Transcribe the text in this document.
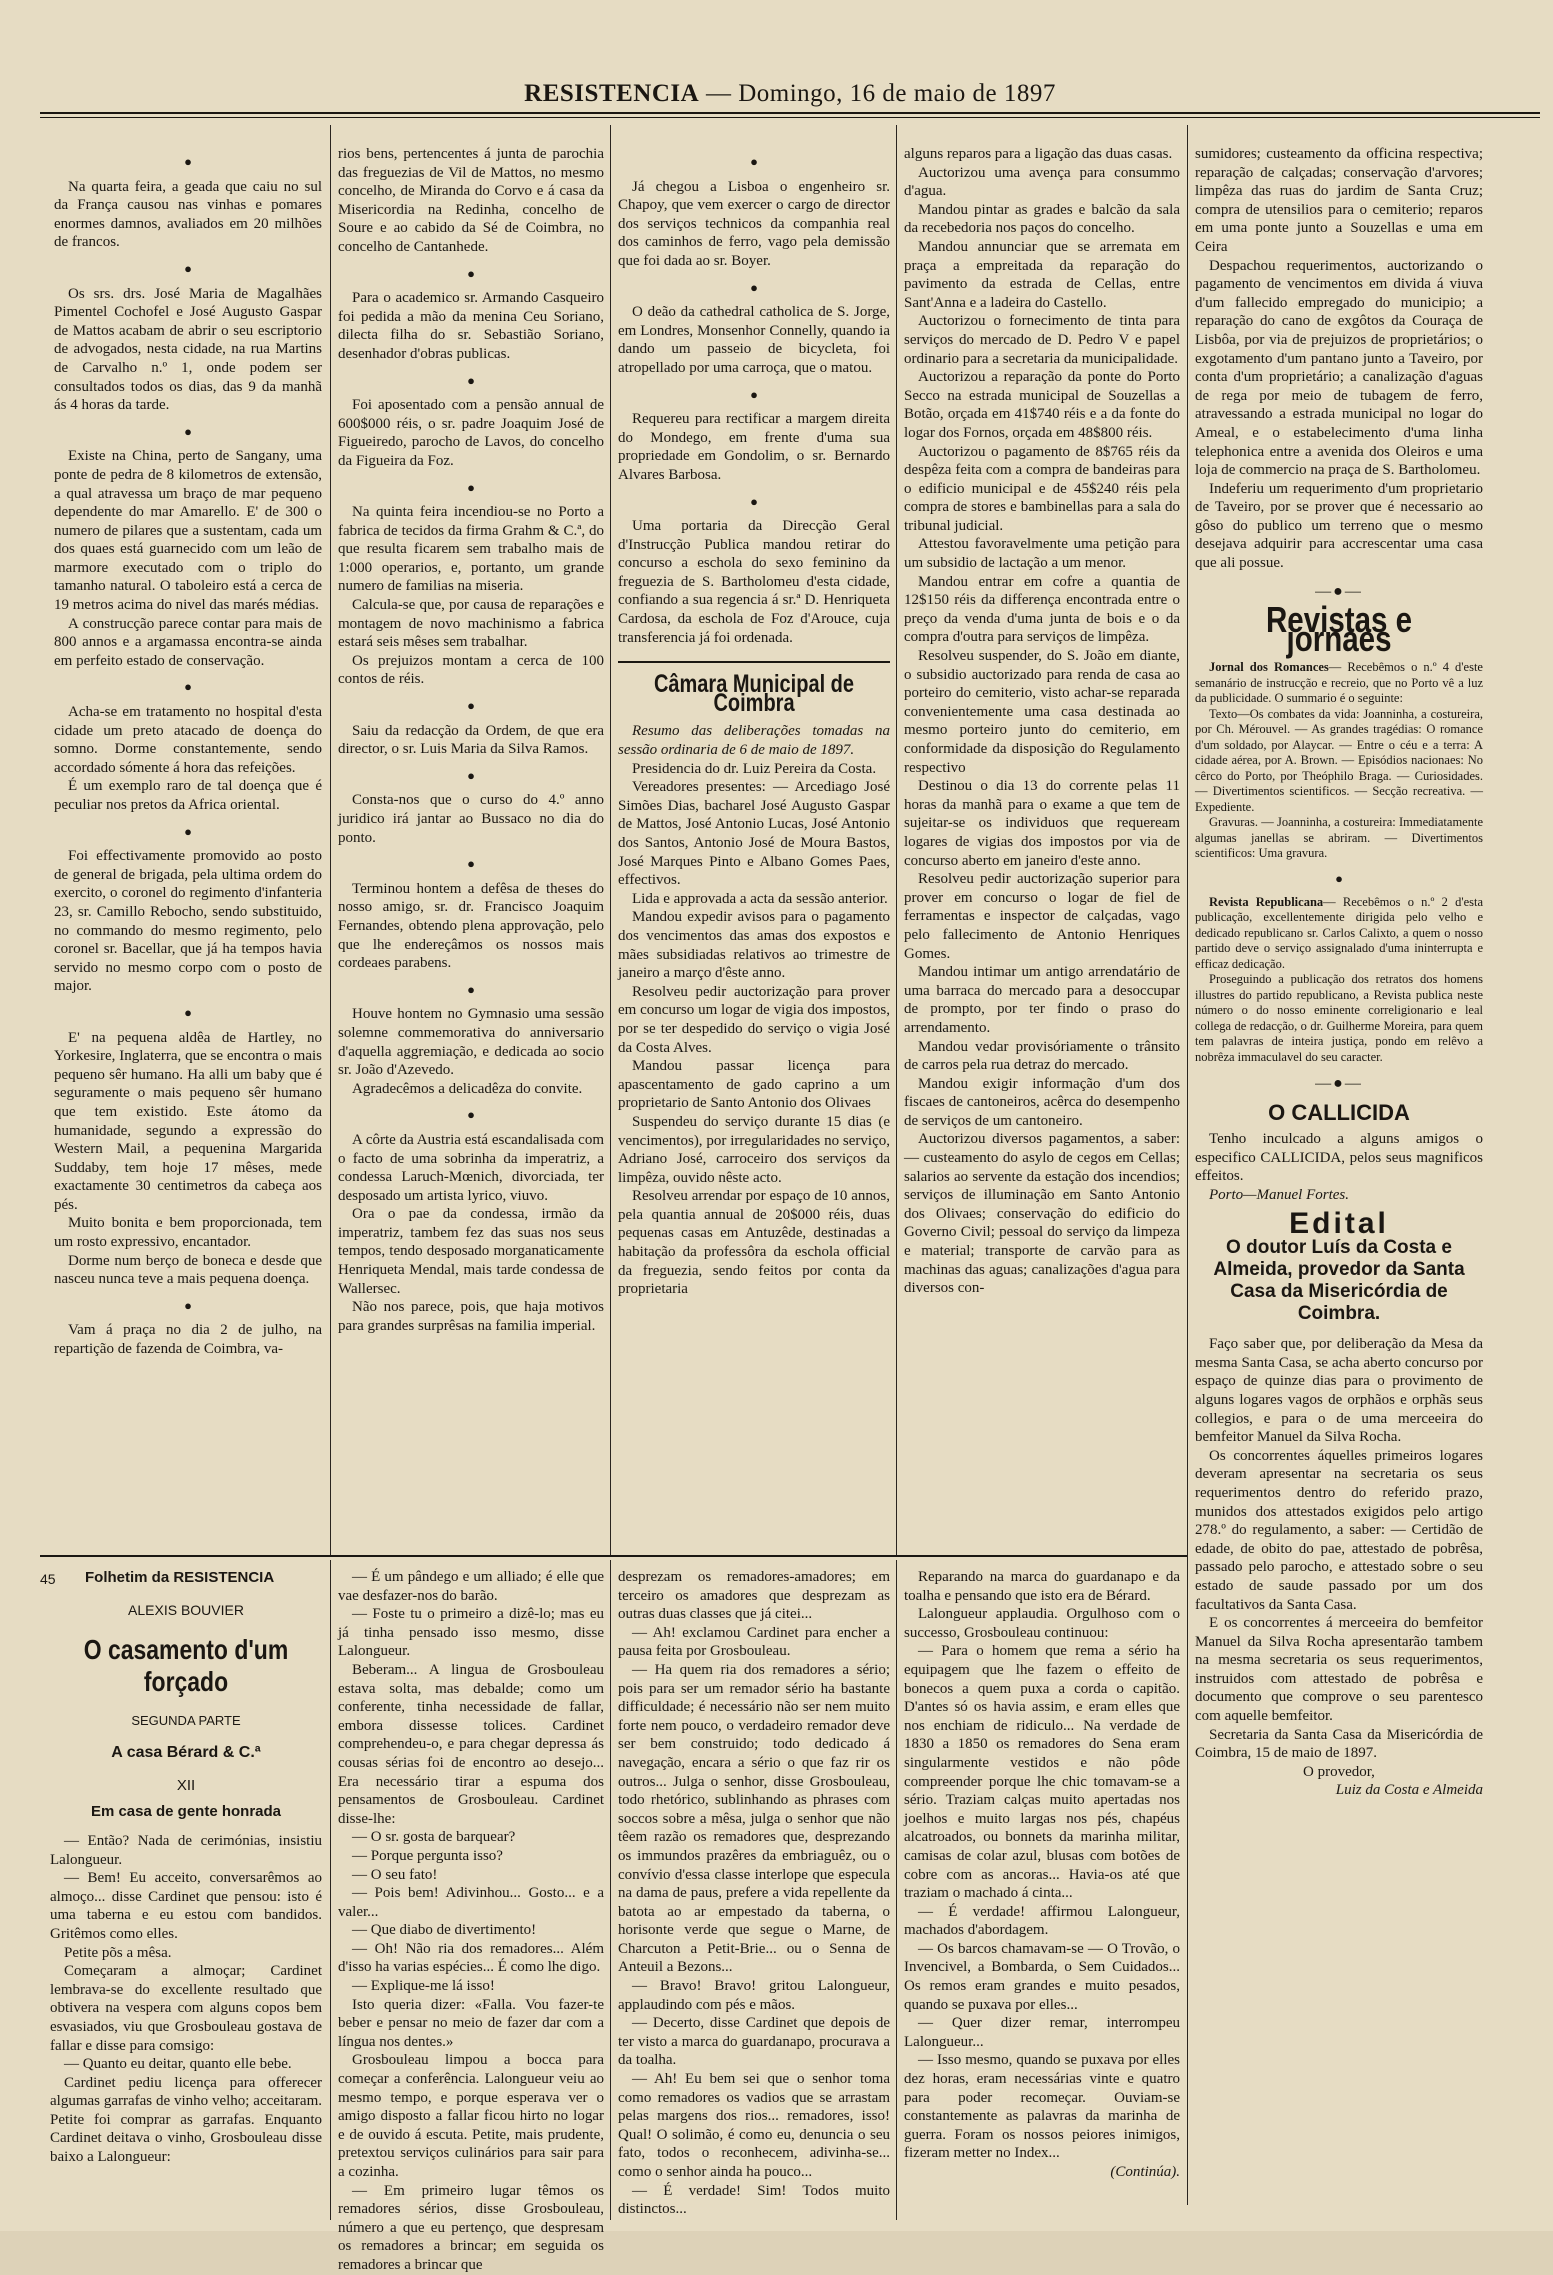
RESISTENCIA — Domingo, 16 de maio de 1897
●

Na quarta feira, a geada que caiu no sul da França causou nas vinhas e pomares enormes damnos, avaliados em 20 milhões de francos.

●

Os srs. drs. José Maria de Magalhães Pimentel Cochofel e José Augusto Gaspar de Mattos acabam de abrir o seu escriptorio de advogados, nesta cidade, na rua Martins de Carvalho n.º 1, onde podem ser consultados todos os dias, das 9 da manhã ás 4 horas da tarde.

●

Existe na China, perto de Sangany, uma ponte de pedra de 8 kilometros de extensão, a qual atravessa um braço de mar pequeno dependente do mar Amarello. E' de 300 o numero de pilares que a sustentam, cada um dos quaes está guarnecido com um leão de marmore executado com o triplo do tamanho natural. O taboleiro está a cerca de 19 metros acima do nivel das marés médias.

A construcção parece contar para mais de 800 annos e a argamassa encontra-se ainda em perfeito estado de conservação.

●

Acha-se em tratamento no hospital d'esta cidade um preto atacado de doença do somno. Dorme constantemente, sendo accordado sómente á hora das refeições.

É um exemplo raro de tal doença que é peculiar nos pretos da Africa oriental.

●

Foi effectivamente promovido ao posto de general de brigada, pela ultima ordem do exercito, o coronel do regimento d'infanteria 23, sr. Camillo Rebocho, sendo substituido, no commando do mesmo regimento, pelo coronel sr. Bacellar, que já ha tempos havia servido no mesmo corpo com o posto de major.

●

E' na pequena aldêa de Hartley, no Yorkesire, Inglaterra, que se encontra o mais pequeno sêr humano. Ha alli um baby que é seguramente o mais pequeno sêr humano que tem existido. Este átomo da humanidade, segundo a expressão do Western Mail, a pequenina Margarida Suddaby, tem hoje 17 mêses, mede exactamente 30 centimetros da cabeça aos pés.

Muito bonita e bem proporcionada, tem um rosto expressivo, encantador.

Dorme num berço de boneca e desde que nasceu nunca teve a mais pequena doença.

●

Vam á praça no dia 2 de julho, na repartição de fazenda de Coimbra, va-

rios bens, pertencentes á junta de parochia das freguezias de Vil de Mattos, no mesmo concelho, de Miranda do Corvo e á casa da Misericordia na Redinha, concelho de Soure e ao cabido da Sé de Coimbra, no concelho de Cantanhede.

●

Para o academico sr. Armando Casqueiro foi pedida a mão da menina Ceu Soriano, dilecta filha do sr. Sebastião Soriano, desenhador d'obras publicas.

●

Foi aposentado com a pensão annual de 600$000 réis, o sr. padre Joaquim José de Figueiredo, parocho de Lavos, do concelho da Figueira da Foz.

●

Na quinta feira incendiou-se no Porto a fabrica de tecidos da firma Grahm & C.ª, do que resulta ficarem sem trabalho mais de 1:000 operarios, e, portanto, um grande numero de familias na miseria.

Calcula-se que, por causa de reparações e montagem de novo machinismo a fabrica estará seis mêses sem trabalhar.

Os prejuizos montam a cerca de 100 contos de réis.

●

Saiu da redacção da Ordem, de que era director, o sr. Luis Maria da Silva Ramos.

●

Consta-nos que o curso do 4.º anno juridico irá jantar ao Bussaco no dia do ponto.

●

Terminou hontem a defêsa de theses do nosso amigo, sr. dr. Francisco Joaquim Fernandes, obtendo plena approvação, pelo que lhe endereçâmos os nossos mais cordeaes parabens.

●

Houve hontem no Gymnasio uma sessão solemne commemorativa do anniversario d'aquella aggremiação, e dedicada ao socio sr. João d'Azevedo.

Agradecêmos a delicadêza do convite.

●

A côrte da Austria está escandalisada com o facto de uma sobrinha da imperatriz, a condessa Laruch-Mœnich, divorciada, ter desposado um artista lyrico, viuvo.

Ora o pae da condessa, irmão da imperatriz, tambem fez das suas nos seus tempos, tendo desposado morganaticamente Henriqueta Mendal, mais tarde condessa de Wallersec.

Não nos parece, pois, que haja motivos para grandes surprêsas na familia imperial.

●

Já chegou a Lisboa o engenheiro sr. Chapoy, que vem exercer o cargo de director dos serviços technicos da companhia real dos caminhos de ferro, vago pela demissão que foi dada ao sr. Boyer.

●

O deão da cathedral catholica de S. Jorge, em Londres, Monsenhor Connelly, quando ia dando um passeio de bicycleta, foi atropellado por uma carroça, que o matou.

●

Requereu para rectificar a margem direita do Mondego, em frente d'uma sua propriedade em Gondolim, o sr. Bernardo Alvares Barbosa.

●

Uma portaria da Direcção Geral d'Instrucção Publica mandou retirar do concurso a eschola do sexo feminino da freguezia de S. Bartholomeu d'esta cidade, confiando a sua regencia á sr.ª D. Henriqueta Cardosa, da eschola de Foz d'Arouce, cuja transferencia já foi ordenada.

Câmara Municipal de Coimbra

Resumo das deliberações tomadas na sessão ordinaria de 6 de maio de 1897.

Presidencia do dr. Luiz Pereira da Costa.

Vereadores presentes: — Arcediago José Simões Dias, bacharel José Augusto Gaspar de Mattos, José Antonio Lucas, José Antonio dos Santos, Antonio José de Moura Bastos, José Marques Pinto e Albano Gomes Paes, effectivos.

Lida e approvada a acta da sessão anterior.

Mandou expedir avisos para o pagamento dos vencimentos das amas dos expostos e mães subsidiadas relativos ao trimestre de janeiro a março d'êste anno.

Resolveu pedir auctorização para prover em concurso um logar de vigia dos impostos, por se ter despedido do serviço o vigia José da Costa Alves.

Mandou passar licença para apascentamento de gado caprino a um proprietario de Santo Antonio dos Olivaes

Suspendeu do serviço durante 15 dias (e vencimentos), por irregularidades no serviço, Adriano José, carroceiro dos serviços da limpêza, ouvido nêste acto.

Resolveu arrendar por espaço de 10 annos, pela quantia annual de 20$000 réis, duas pequenas casas em Antuzêde, destinadas a habitação da professôra da eschola official da freguezia, sendo feitos por conta da proprietaria

alguns reparos para a ligação das duas casas.

Auctorizou uma avença para consummo d'agua.

Mandou pintar as grades e balcão da sala da recebedoria nos paços do concelho.

Mandou annunciar que se arremata em praça a empreitada da reparação do pavimento da estrada de Cellas, entre Sant'Anna e a ladeira do Castello.

Auctorizou o fornecimento de tinta para serviços do mercado de D. Pedro V e papel ordinario para a secretaria da municipalidade.

Auctorizou a reparação da ponte do Porto Secco na estrada municipal de Souzellas a Botão, orçada em 41$740 réis e a da fonte do logar dos Fornos, orçada em 48$800 réis.

Auctorizou o pagamento de 8$765 réis da despêza feita com a compra de bandeiras para o edificio municipal e de 45$240 réis pela compra de stores e bambinellas para a sala do tribunal judicial.

Attestou favoravelmente uma petição para um subsidio de lactação a um menor.

Mandou entrar em cofre a quantia de 12$150 réis da differença encontrada entre o preço da venda d'uma junta de bois e o da compra d'outra para serviços de limpêza.

Resolveu suspender, do S. João em diante, o subsidio auctorizado para renda de casa ao porteiro do cemiterio, visto achar-se reparada convenientemente uma casa destinada ao mesmo porteiro junto do cemiterio, em conformidade da disposição do Regulamento respectivo

Destinou o dia 13 do corrente pelas 11 horas da manhã para o exame a que tem de sujeitar-se os individuos que requeream logares de vigias dos impostos por via de concurso aberto em janeiro d'este anno.

Resolveu pedir auctorização superior para prover em concurso o logar de fiel de ferramentas e inspector de calçadas, vago pelo fallecimento de Antonio Henriques Gomes.

Mandou intimar um antigo arrendatário de uma barraca do mercado para a desoccupar de prompto, por ter findo o praso do arrendamento.

Mandou vedar provisóriamente o trânsito de carros pela rua detraz do mercado.

Mandou exigir informação d'um dos fiscaes de cantoneiros, acêrca do desempenho de serviços de um cantoneiro.

Auctorizou diversos pagamentos, a saber: — custeamento do asylo de cegos em Cellas; salarios ao servente da estação dos incendios; serviços de illuminação em Santo Antonio dos Olivaes; conservação do edificio do Governo Civil; pessoal do serviço da limpeza e material; transporte de carvão para as machinas das aguas; canalizações d'agua para diversos con-

sumidores; custeamento da officina respectiva; reparação de calçadas; conservação d'arvores; limpêza das ruas do jardim de Santa Cruz; compra de utensilios para o cemiterio; reparos em uma ponte junto a Souzellas e uma em Ceira

Despachou requerimentos, auctorizando o pagamento de vencimentos em divida á viuva d'um fallecido empregado do municipio; a reparação do cano de exgôtos da Couraça de Lisbôa, por via de prejuizos de proprietários; o exgotamento d'um pantano junto a Taveiro, por conta d'um proprietário; a canalização d'aguas de rega por meio de tubagem de ferro, atravessando a estrada municipal no logar do Ameal, e o estabelecimento d'uma linha telephonica entre a avenida dos Oleiros e uma loja de commercio na praça de S. Bartholomeu.

Indeferiu um requerimento d'um proprietario de Taveiro, por se prover que é necessario ao gôso do publico um terreno que o mesmo desejava adquirir para accrescentar uma casa que ali possue.

—●—
Revistas e jornaes

Jornal dos Romances— Recebêmos o n.º 4 d'este semanário de instrucção e recreio, que no Porto vê a luz da publicidade. O summario é o seguinte:

Texto—Os combates da vida: Joanninha, a costureira, por Ch. Mérouvel. — As grandes tragédias: O romance d'um soldado, por Alaycar. — Entre o céu e a terra: A cidade aérea, por A. Brown. — Episódios nacionaes: No cêrco do Porto, por Theóphilo Braga. — Curiosidades. — Divertimentos scientificos. — Secção recreativa. — Expediente.

Gravuras. — Joanninha, a costureira: Immediatamente algumas janellas se abriram. — Divertimentos scientificos: Uma gravura.

●

Revista Republicana— Recebêmos o n.º 2 d'esta publicação, excellentemente dirigida pelo velho e dedicado republicano sr. Carlos Calixto, a quem o nosso partido deve o serviço assignalado d'uma ininterrupta e efficaz dedicação.

Proseguindo a publicação dos retratos dos homens illustres do partido republicano, a Revista publica neste número o do nosso eminente correligionario e leal collega de redacção, o dr. Guilherme Moreira, para quem tem palavras de inteira justiça, pondo em relêvo a nobrêza immaculavel do seu caracter.

—●—
O CALLICIDA

Tenho inculcado a alguns amigos o especifico CALLICIDA, pelos seus magnificos effeitos.

Porto—Manuel Fortes.

Edital
O doutor Luís da Costa e Almeida, provedor da Santa Casa da Misericórdia de Coimbra.

Faço saber que, por deliberação da Mesa da mesma Santa Casa, se acha aberto concurso por espaço de quinze dias para o provimento de alguns logares vagos de orphãos e orphãs seus collegios, e para o de uma merceeira do bemfeitor Manuel da Silva Rocha.

Os concorrentes áquelles primeiros logares deveram apresentar na secretaria os seus requerimentos dentro do referido prazo, munidos dos attestados exigidos pelo artigo 278.º do regulamento, a saber: — Certidão de edade, de obito do pae, attestado de pobrêsa, passado pelo parocho, e attestado sobre o seu estado de saude passado por um dos facultativos da Santa Casa.

E os concorrentes á merceeira do bemfeitor Manuel da Silva Rocha apresentarão tambem na mesma secretaria os seus requerimentos, instruidos com attestado de pobrêsa e documento que comprove o seu parentesco com aquelle bemfeitor.

Secretaria da Santa Casa da Misericórdia de Coimbra, 15 de maio de 1897.

O provedor,

Luiz da Costa e Almeida

45 Folhetim da RESISTENCIA
ALEXIS BOUVIER
O casamento d'um forçado
SEGUNDA PARTE
A casa Bérard & C.ª
XII
Em casa de gente honrada

— Então? Nada de cerimónias, insistiu Lalongueur.

— Bem! Eu acceito, conversarêmos ao almoço... disse Cardinet que pensou: isto é uma taberna e eu estou com bandidos. Gritêmos como elles.

Petite põs a mêsa.

Começaram a almoçar; Cardinet lembrava-se do excellente resultado que obtivera na vespera com alguns copos bem esvasiados, viu que Grosbouleau gostava de fallar e disse para comsigo:

— Quanto eu deitar, quanto elle bebe.

Cardinet pediu licença para offerecer algumas garrafas de vinho velho; acceitaram. Petite foi comprar as garrafas. Enquanto Cardinet deitava o vinho, Grosbouleau disse baixo a Lalongueur:

— É um pândego e um alliado; é elle que vae desfazer-nos do barão.

— Foste tu o primeiro a dizê-lo; mas eu já tinha pensado isso mesmo, disse Lalongueur.

Beberam... A lingua de Grosbouleau estava solta, mas debalde; como um conferente, tinha necessidade de fallar, embora dissesse tolices. Cardinet comprehendeu-o, e para chegar depressa ás cousas sérias foi de encontro ao desejo... Era necessário tirar a espuma dos pensamentos de Grosbouleau. Cardinet disse-lhe:

— O sr. gosta de barquear?

— Porque pergunta isso?

— O seu fato!

— Pois bem! Adivinhou... Gosto... e a valer...

— Que diabo de divertimento!

— Oh! Não ria dos remadores... Além d'isso ha varias espécies... É como lhe digo.

— Explique-me lá isso!

Isto queria dizer: «Falla. Vou fazer-te beber e pensar no meio de fazer dar com a língua nos dentes.»

Grosbouleau limpou a bocca para começar a conferência. Lalongueur veiu ao mesmo tempo, e porque esperava ver o amigo disposto a fallar ficou hirto no logar e de ouvido á escuta. Petite, mais prudente, pretextou serviços culinários para sair para a cozinha.

— Em primeiro lugar têmos os remadores sérios, disse Grosbouleau, número a que eu pertenço, que despresam os remadores a brincar; em seguida os remadores a brincar que

desprezam os remadores-amadores; em terceiro os amadores que desprezam as outras duas classes que já citei...

— Ah! exclamou Cardinet para encher a pausa feita por Grosbouleau.

— Ha quem ria dos remadores a sério; pois para ser um remador sério ha bastante difficuldade; é necessário não ser nem muito forte nem pouco, o verdadeiro remador deve ser bem construido; todo dedicado á navegação, encara a sério o que faz rir os outros... Julga o senhor, disse Grosbouleau, todo rhetórico, sublinhando as phrases com soccos sobre a mêsa, julga o senhor que não têem razão os remadores que, desprezando os immundos prazêres da embriaguêz, ou o convívio d'essa classe interlope que especula na dama de paus, prefere a vida repellente da batota ao ar empestado da taberna, o horisonte verde que segue o Marne, de Charcuton a Petit-Brie... ou o Senna de Anteuil a Bezons...

— Bravo! Bravo! gritou Lalongueur, applaudindo com pés e mãos.

— Decerto, disse Cardinet que depois de ter visto a marca do guardanapo, procurava a da toalha.

— Ah! Eu bem sei que o senhor toma como remadores os vadios que se arrastam pelas margens dos rios... remadores, isso! Qual! O solimão, é como eu, denuncia o seu fato, todos o reconhecem, adivinha-se... como o senhor ainda ha pouco...

— É verdade! Sim! Todos muito distinctos...

Reparando na marca do guardanapo e da toalha e pensando que isto era de Bérard.

Lalongueur applaudia. Orgulhoso com o successo, Grosbouleau continuou:

— Para o homem que rema a sério ha equipagem que lhe fazem o effeito de bonecos a quem puxa a corda o capitão. D'antes só os havia assim, e eram elles que nos enchiam de ridiculo... Na verdade de 1830 a 1850 os remadores do Sena eram singularmente vestidos e não pôde compreender porque lhe chic tomavam-se a sério. Traziam calças muito apertadas nos joelhos e muito largas nos pés, chapéus alcatroados, ou bonnets da marinha militar, camisas de colar azul, blusas com botões de cobre com as ancoras... Havia-os até que traziam o machado á cinta...

— É verdade! affirmou Lalongueur, machados d'abordagem.

— Os barcos chamavam-se — O Trovão, o Invencivel, a Bombarda, o Sem Cuidados... Os remos eram grandes e muito pesados, quando se puxava por elles...

— Quer dizer remar, interrompeu Lalongueur...

— Isso mesmo, quando se puxava por elles dez horas, eram necessárias vinte e quatro para poder recomeçar. Ouviam-se constantemente as palavras da marinha de guerra. Foram os nossos peiores inimigos, fizeram metter no Index...

(Continúa).
